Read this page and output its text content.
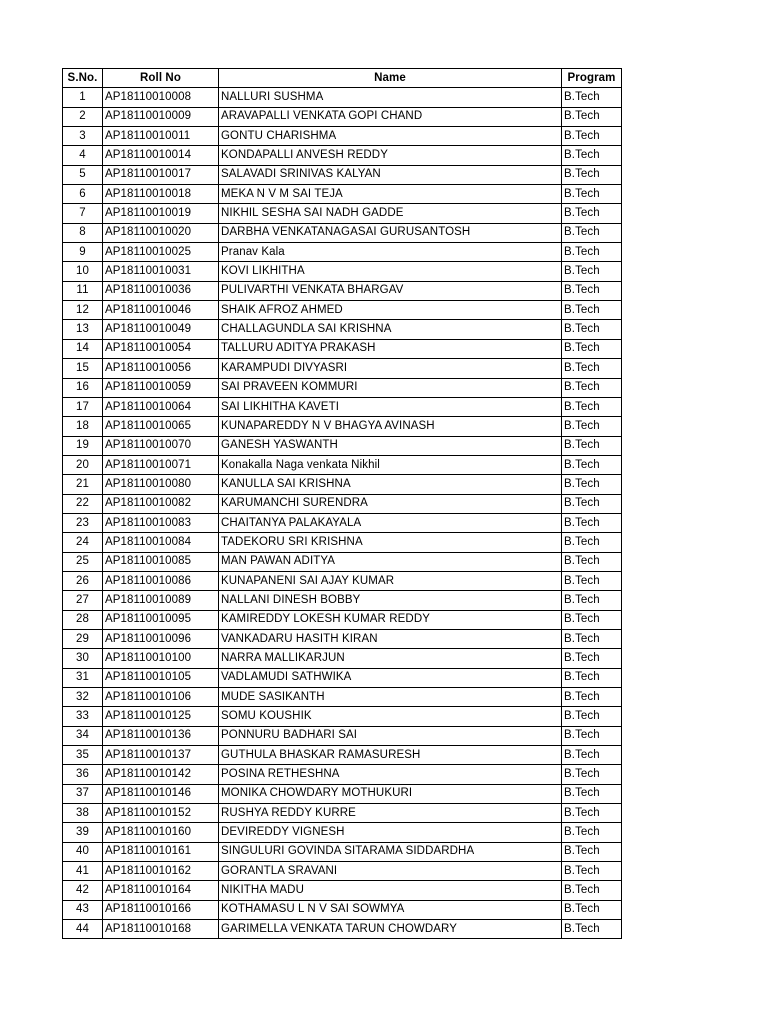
S.No.	Roll No	Name	Program
1	AP18110010008	NALLURI SUSHMA	B.Tech
2	AP18110010009	ARAVAPALLI VENKATA GOPI CHAND	B.Tech
3	AP18110010011	GONTU CHARISHMA	B.Tech
4	AP18110010014	KONDAPALLI ANVESH REDDY	B.Tech
5	AP18110010017	SALAVADI SRINIVAS KALYAN	B.Tech
6	AP18110010018	MEKA N V M SAI TEJA	B.Tech
7	AP18110010019	NIKHIL SESHA SAI NADH GADDE	B.Tech
8	AP18110010020	DARBHA VENKATANAGASAI GURUSANTOSH	B.Tech
9	AP18110010025	Pranav Kala	B.Tech
10	AP18110010031	KOVI LIKHITHA	B.Tech
11	AP18110010036	PULIVARTHI VENKATA BHARGAV	B.Tech
12	AP18110010046	SHAIK AFROZ AHMED	B.Tech
13	AP18110010049	CHALLAGUNDLA SAI KRISHNA	B.Tech
14	AP18110010054	TALLURU ADITYA PRAKASH	B.Tech
15	AP18110010056	KARAMPUDI DIVYASRI	B.Tech
16	AP18110010059	SAI PRAVEEN KOMMURI	B.Tech
17	AP18110010064	SAI LIKHITHA KAVETI	B.Tech
18	AP18110010065	KUNAPAREDDY N V BHAGYA AVINASH	B.Tech
19	AP18110010070	GANESH YASWANTH	B.Tech
20	AP18110010071	Konakalla Naga venkata Nikhil	B.Tech
21	AP18110010080	KANULLA SAI KRISHNA	B.Tech
22	AP18110010082	KARUMANCHI SURENDRA	B.Tech
23	AP18110010083	CHAITANYA PALAKAYALA	B.Tech
24	AP18110010084	TADEKORU SRI KRISHNA	B.Tech
25	AP18110010085	MAN PAWAN ADITYA	B.Tech
26	AP18110010086	KUNAPANENI SAI AJAY KUMAR	B.Tech
27	AP18110010089	NALLANI DINESH BOBBY	B.Tech
28	AP18110010095	KAMIREDDY LOKESH KUMAR REDDY	B.Tech
29	AP18110010096	VANKADARU HASITH KIRAN	B.Tech
30	AP18110010100	NARRA MALLIKARJUN	B.Tech
31	AP18110010105	VADLAMUDI SATHWIKA	B.Tech
32	AP18110010106	MUDE SASIKANTH	B.Tech
33	AP18110010125	SOMU KOUSHIK	B.Tech
34	AP18110010136	PONNURU BADHARI SAI	B.Tech
35	AP18110010137	GUTHULA BHASKAR RAMASURESH	B.Tech
36	AP18110010142	POSINA RETHESHNA	B.Tech
37	AP18110010146	MONIKA CHOWDARY MOTHUKURI	B.Tech
38	AP18110010152	RUSHYA REDDY KURRE	B.Tech
39	AP18110010160	DEVIREDDY VIGNESH	B.Tech
40	AP18110010161	SINGULURI GOVINDA SITARAMA SIDDARDHA	B.Tech
41	AP18110010162	GORANTLA SRAVANI	B.Tech
42	AP18110010164	NIKITHA MADU	B.Tech
43	AP18110010166	KOTHAMASU L N V SAI SOWMYA	B.Tech
44	AP18110010168	GARIMELLA VENKATA TARUN CHOWDARY	B.Tech
